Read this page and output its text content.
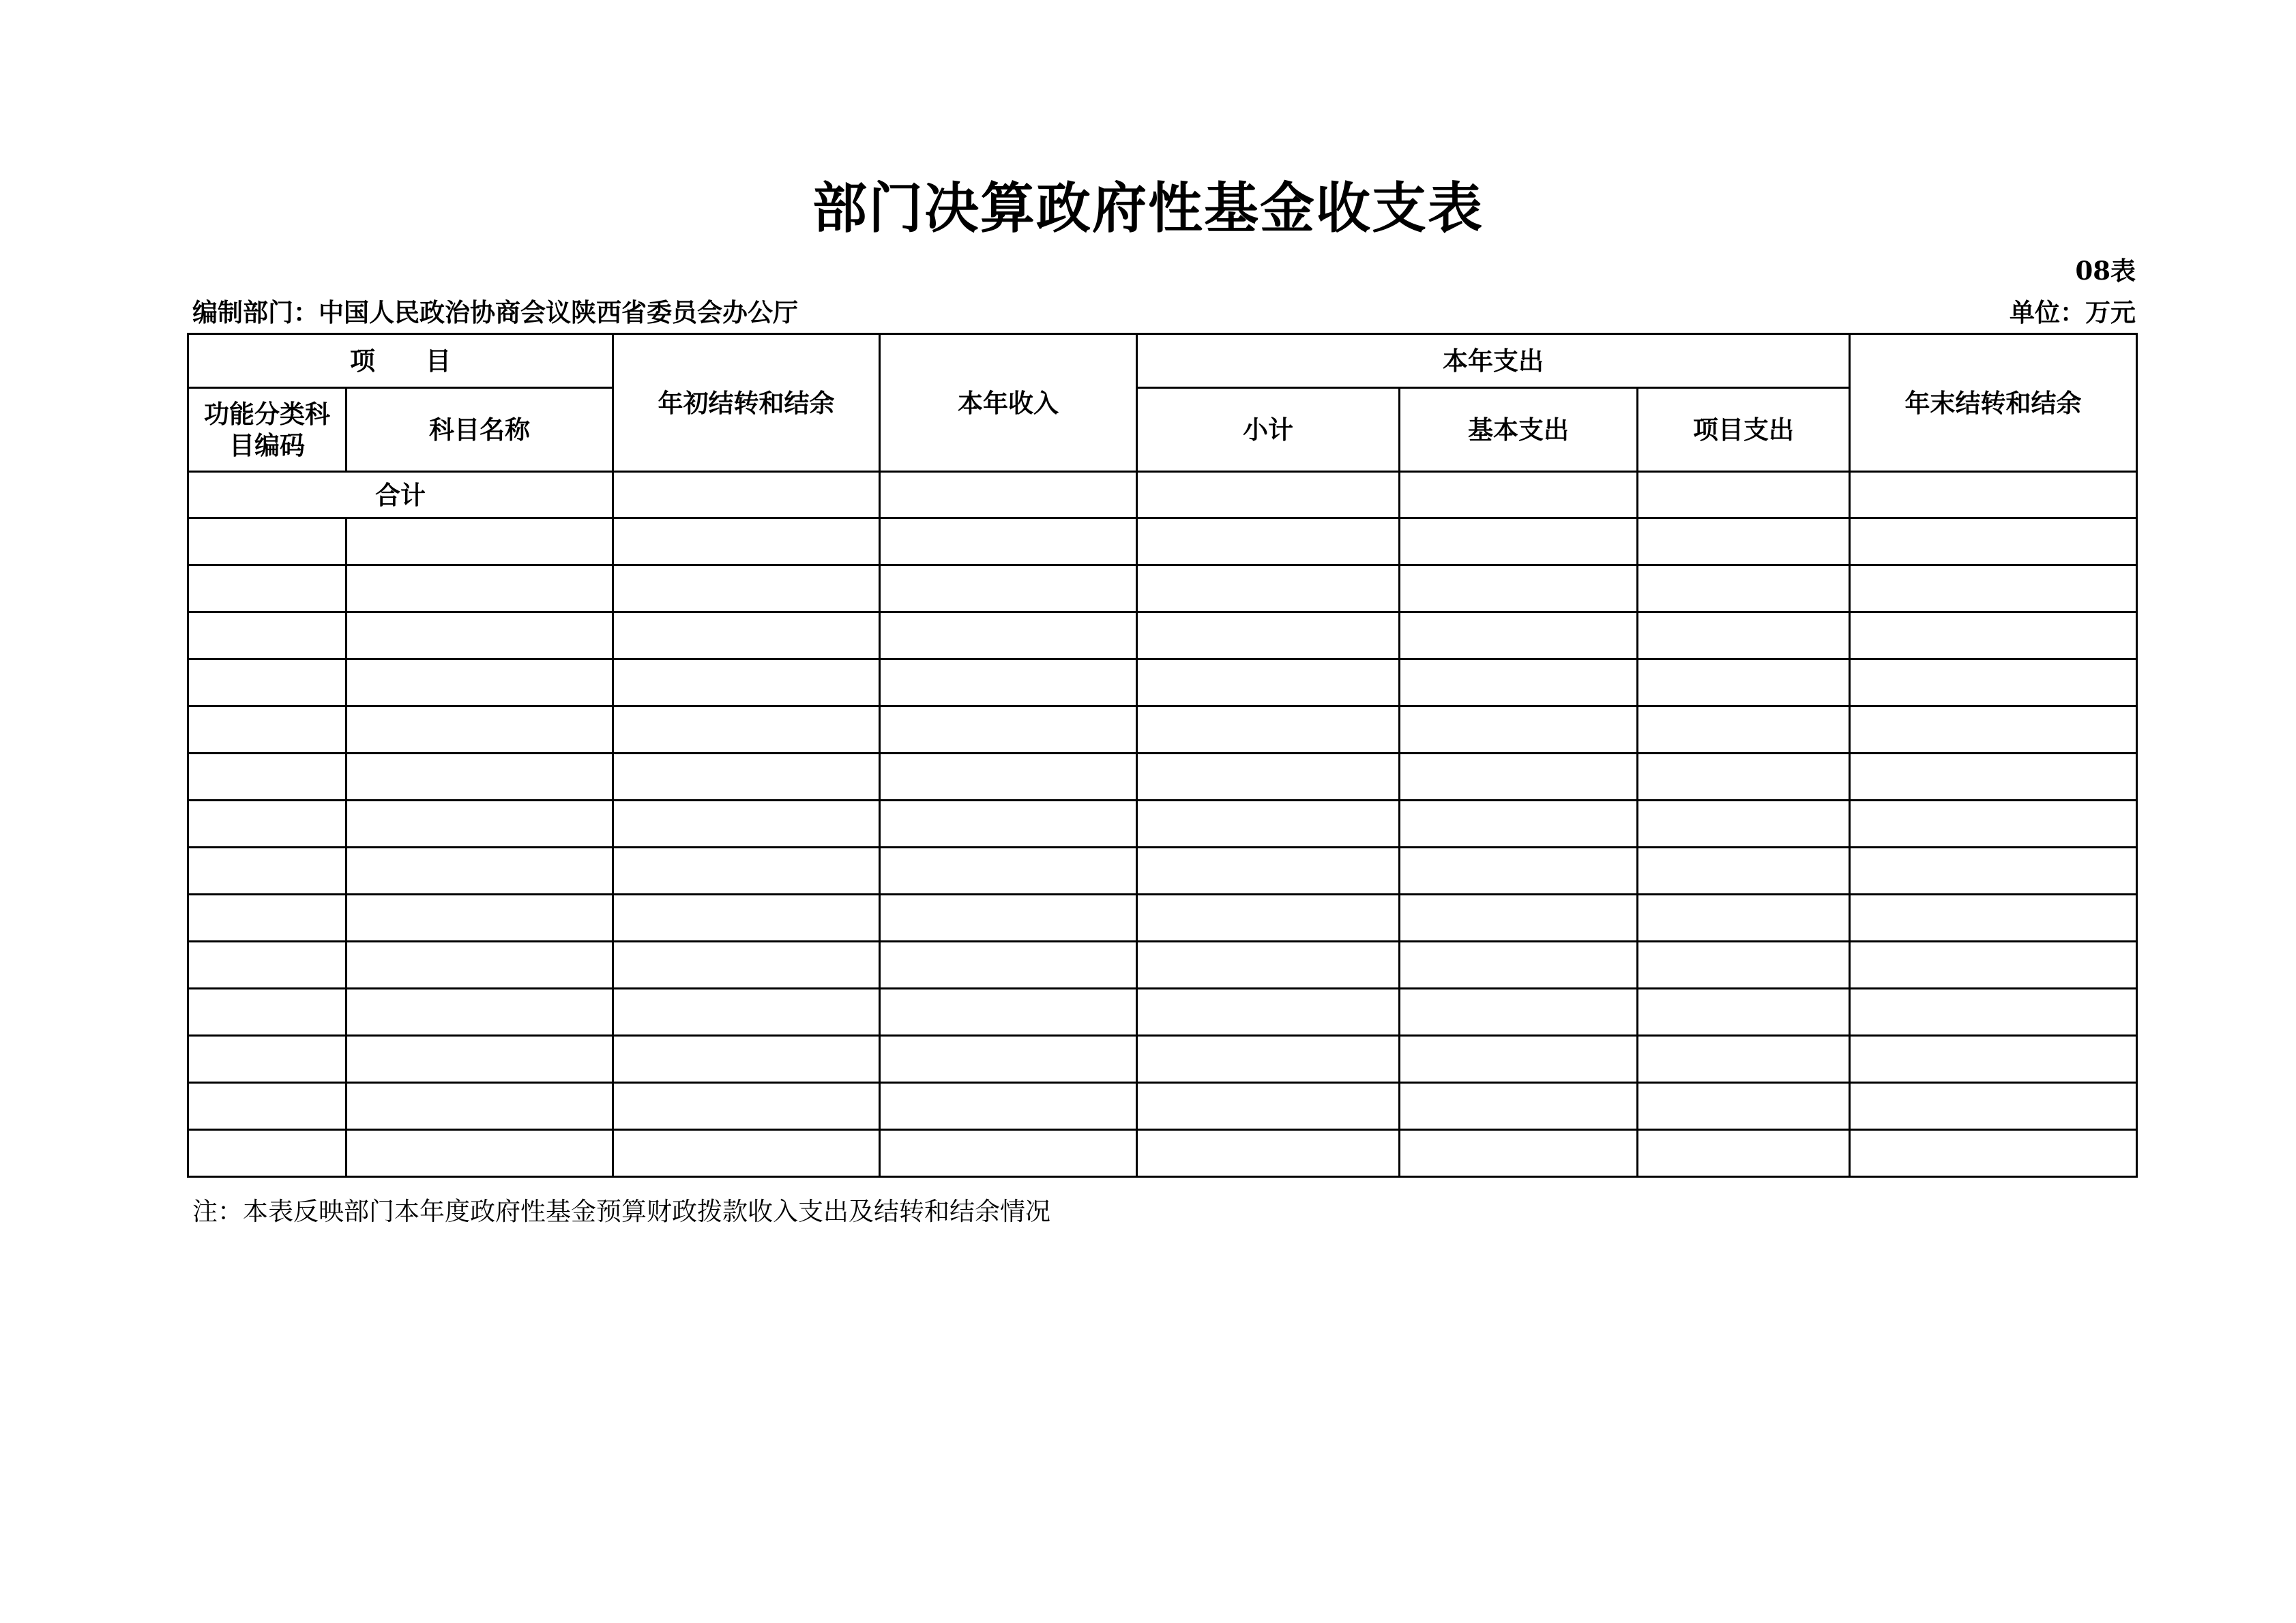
部门决算政府性基金收支表
08表
编制部门：中国人民政治协商会议陕西省委员会办公厅	单位：万元
项　　目		年初结转和结余	本年收入	本年支出			年末结转和结余
功能分类科目编码	科目名称			小计	基本支出	项目支出	
合计							

注：本表反映部门本年度政府性基金预算财政拨款收入支出及结转和结余情况
